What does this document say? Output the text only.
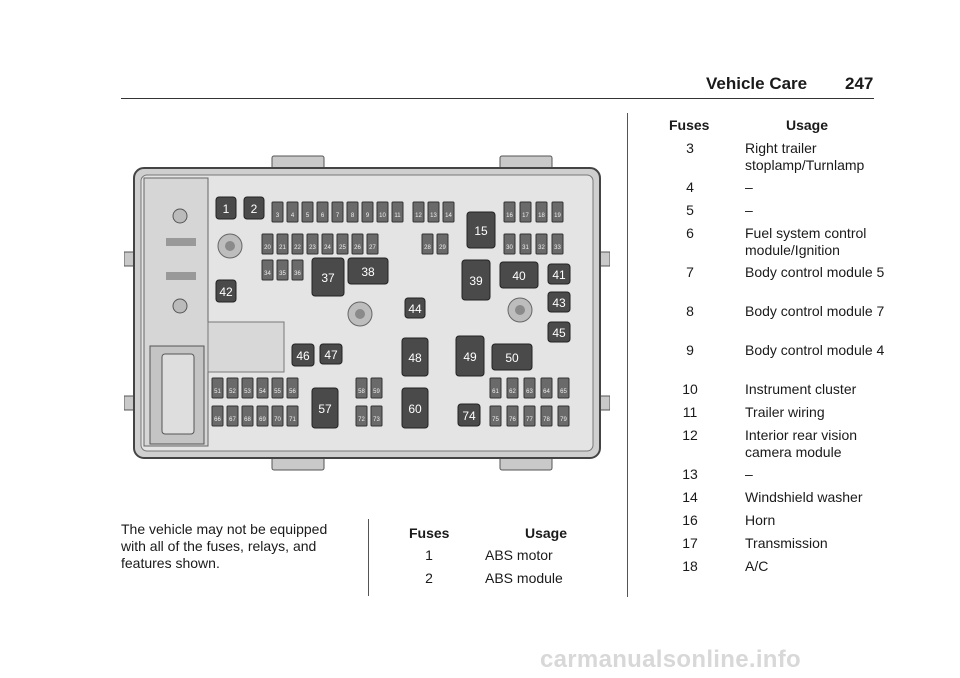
Vehicle Care 247
3 4 5 6 7 8 9 10 11 12 13 14
20 21 22 23 24 25 26 27	28 29
34 35 36
16 17 18 19
30 31 32 33
51 52 53 54 55 56	58 59
66 67 68 69 70 71	72 73
61 62 63 64 65
75 76 77 78 79
1 2
15
37 38
39 40 41
42
43
44
45
46 47	48	49 50
57	60	74
The vehicle may not be equipped with all of the fuses, relays, and features shown.
Fuses	Usage
1	ABS motor
2	ABS module
Fuses	Usage
3	Right trailer stoplamp/Turnlamp
4	–
5	–
6	Fuel system control module/Ignition
7	Body control module 5
8	Body control module 7
9	Body control module 4
10	Instrument cluster
11	Trailer wiring
12	Interior rear vision camera module
13	–
14	Windshield washer
16	Horn
17	Transmission
18	A/C
carmanualsonline.info
